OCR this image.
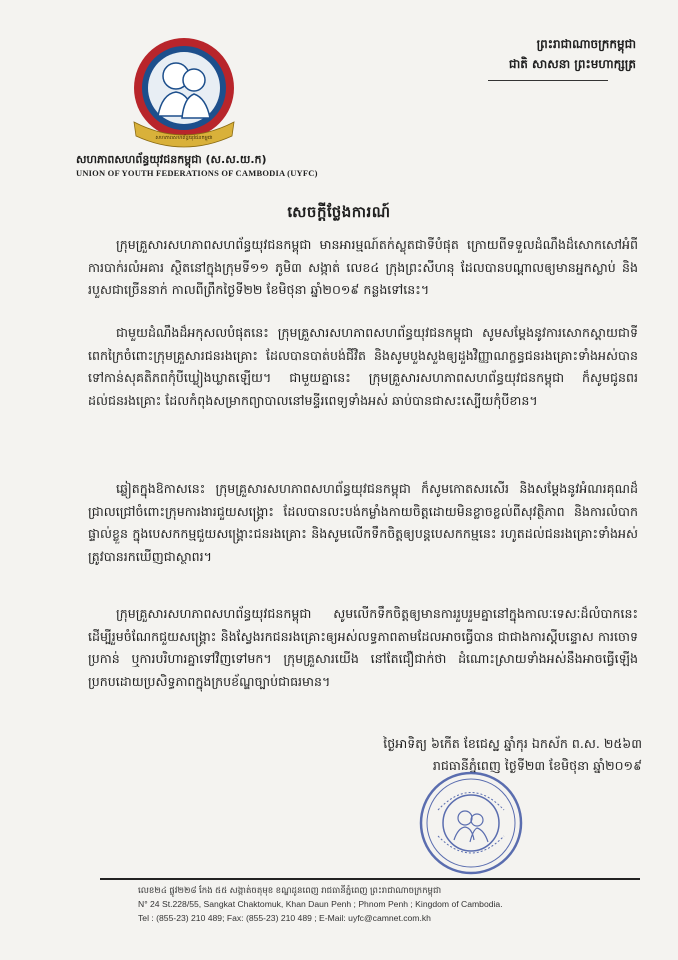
សហភាពសហព័ន្ធយុវជនកម្ពុជា
សហភាពសហព័ន្ធយុវជនកម្ពុជា (ស.ស.យ.ក)
UNION OF YOUTH FEDERATIONS OF CAMBODIA (UYFC)
ព្រះរាជាណាចក្រកម្ពុជា
ជាតិ សាសនា ព្រះមហាក្សត្រ
សេចក្តីថ្លែងការណ៍

ក្រុមគ្រួសារសហភាពសហព័ន្ធយុវជនកម្ពុជា មានអារម្មណ៍តក់ស្លុតជាទីបំផុត ក្រោយពីទទួលដំណឹងដ៏សោកសៅអំពីការបាក់រលំអគារ ស្ថិតនៅក្នុងក្រុមទី១១ ភូមិ៣ សង្កាត់ លេខ៤ ក្រុងព្រះសីហនុ ដែលបានបណ្តាលឲ្យមានអ្នកស្លាប់ និងរបួសជាច្រើននាក់ កាលពីព្រឹកថ្ងៃទី២២ ខែមិថុនា ឆ្នាំ២០១៩ កន្លងទៅនេះ។

ជាមួយដំណឹងដ៏អកុសលបំផុតនេះ ក្រុមគ្រួសារសហភាពសហព័ន្ធយុវជនកម្ពុជា សូមសម្តែងនូវការសោកស្តាយជាទីពេកក្រៃចំពោះក្រុមគ្រួសារជនរងគ្រោះ ដែលបានបាត់បង់ជីវិត និងសូមបួងសួងឲ្យដួងវិញ្ញាណក្ខន្ធជនរងគ្រោះទាំងអស់បានទៅកាន់សុគតិភពកុំបីឃ្លៀងឃ្លាតឡើយ។ ជាមួយគ្នានេះ ក្រុមគ្រួសារសហភាពសហព័ន្ធយុវជនកម្ពុជា ក៏សូមជូនពរដល់ជនរងគ្រោះ ដែលកំពុងសម្រាកព្យាបាលនៅមន្ទីរពេទ្យទាំងអស់ ឆាប់បានជាសះស្បើយកុំបីខាន។

ឆ្លៀតក្នុងឱកាសនេះ ក្រុមគ្រួសារសហភាពសហព័ន្ធយុវជនកម្ពុជា ក៏សូមកោតសរសើរ និងសម្តែងនូវអំណរគុណដ៏ជ្រាលជ្រៅចំពោះក្រុមការងារជួយសង្គ្រោះ ដែលបានលះបង់កម្លាំងកាយចិត្តដោយមិនខ្លាចខ្លល់ពីសុវត្ថិភាព និងការលំបាកផ្ទាល់ខ្លួន ក្នុងបេសកកម្មជួយសង្គ្រោះជនរងគ្រោះ និងសូមលើកទឹកចិត្តឲ្យបន្តបេសកកម្មនេះ រហូតដល់ជនរងគ្រោះទាំងអស់ត្រូវបានរកឃើញជាស្ថាពរ។

ក្រុមគ្រួសារសហភាពសហព័ន្ធយុវជនកម្ពុជា សូមលើកទឹកចិត្តឲ្យមានការរួបរួមគ្នានៅក្នុងកាលៈទេសៈដ៏លំបាកនេះ ដើម្បីរួមចំណែកជួយសង្គ្រោះ និងស្វែងរកជនរងគ្រោះឲ្យអស់លទ្ធភាពតាមដែលអាចធ្វើបាន ជាជាងការស្តីបន្ទោស ការចោទប្រកាន់ ឬការបរិហារគ្នាទៅវិញទៅមក។ ក្រុមគ្រួសារយើង នៅតែជឿជាក់ថា ដំណោះស្រាយទាំងអស់នឹងអាចធ្វើឡើងប្រកបដោយប្រសិទ្ធភាពក្នុងក្របខ័ណ្ឌច្បាប់ជាធរមាន។

ថ្ងៃអាទិត្យ ៦កើត ខែជេស្ឋ ឆ្នាំកុរ ឯកស័ក ព.ស. ២៥៦៣
រាជធានីភ្នំពេញ ថ្ងៃទី២៣ ខែមិថុនា ឆ្នាំ២០១៩
លេខ២៤ ផ្លូវ២២៨ កែង ៥៥ សង្កាត់ចតុមុខ ខណ្ឌដូនពេញ រាជធានីភ្នំពេញ ព្រះរាជាណាចក្រកម្ពុជា
N° 24 St.228/55, Sangkat Chaktomuk, Khan Daun Penh ; Phnom Penh ; Kingdom of Cambodia.
Tel : (855-23) 210 489; Fax: (855-23) 210 489 ; E-Mail: uyfc@camnet.com.kh
